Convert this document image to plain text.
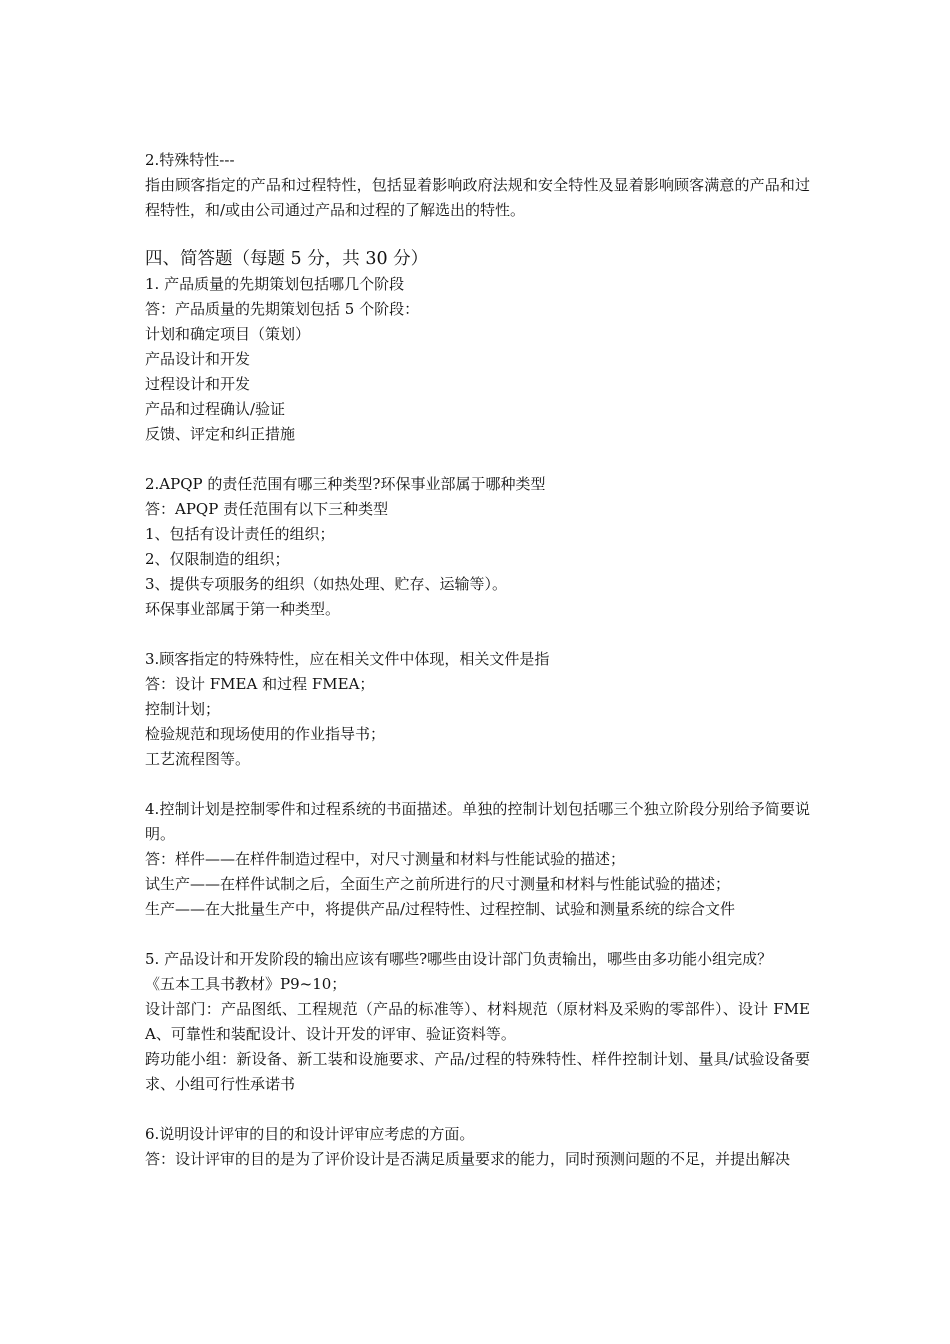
2.特殊特性---

指由顾客指定的产品和过程特性，包括显着影响政府法规和安全特性及显着影响顾客满意的产品和过程特性，和/或由公司通过产品和过程的了解选出的特性。

四、简答题（每题 5 分，共 30 分）

1. 产品质量的先期策划包括哪几个阶段

答：产品质量的先期策划包括 5 个阶段：

计划和确定项目（策划）

产品设计和开发

过程设计和开发

产品和过程确认/验证

反馈、评定和纠正措施

2.APQP 的责任范围有哪三种类型?环保事业部属于哪种类型

答：APQP 责任范围有以下三种类型

1、包括有设计责任的组织；

2、仅限制造的组织；

3、提供专项服务的组织（如热处理、贮存、运输等）。

环保事业部属于第一种类型。

3.顾客指定的特殊特性，应在相关文件中体现，相关文件是指

答：设计 FMEA 和过程 FMEA；

控制计划；

检验规范和现场使用的作业指导书；

工艺流程图等。

4.控制计划是控制零件和过程系统的书面描述。单独的控制计划包括哪三个独立阶段分别给予简要说明。

答：样件——在样件制造过程中，对尺寸测量和材料与性能试验的描述；

试生产——在样件试制之后，全面生产之前所进行的尺寸测量和材料与性能试验的描述；

生产——在大批量生产中，将提供产品/过程特性、过程控制、试验和测量系统的综合文件

5. 产品设计和开发阶段的输出应该有哪些?哪些由设计部门负责输出，哪些由多功能小组完成？

《五本工具书教材》P9~10；

设计部门：产品图纸、工程规范（产品的标准等）、材料规范（原材料及采购的零部件）、设计 FMEA、可靠性和装配设计、设计开发的评审、验证资料等。

跨功能小组：新设备、新工装和设施要求、产品/过程的特殊特性、样件控制计划、量具/试验设备要求、小组可行性承诺书

6.说明设计评审的目的和设计评审应考虑的方面。

答：设计评审的目的是为了评价设计是否满足质量要求的能力，同时预测问题的不足，并提出解决
